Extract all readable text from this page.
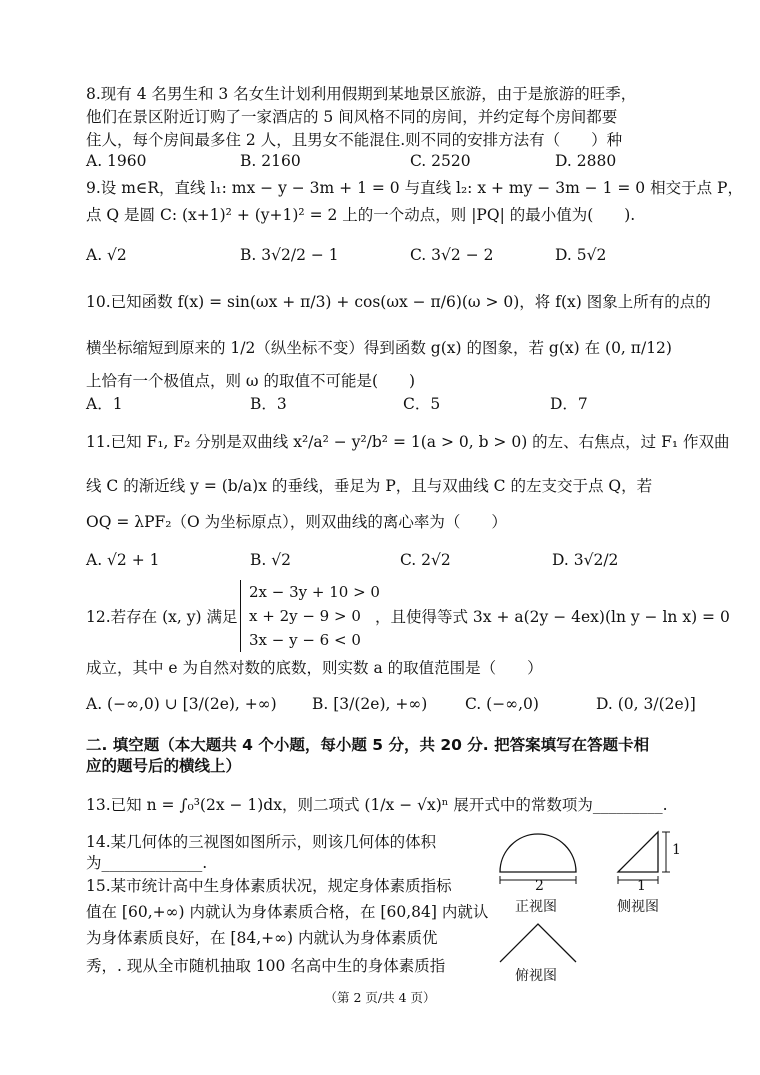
8.现有 4 名男生和 3 名女生计划利用假期到某地景区旅游，由于是旅游的旺季，
他们在景区附近订购了一家酒店的 5 间风格不同的房间，并约定每个房间都要
住人，每个房间最多住 2 人，且男女不能混住.则不同的安排方法有（　　）种
A. 1960	B. 2160	C. 2520	D. 2880
9.设 m∈R，直线 l₁: mx − y − 3m + 1 = 0 与直线 l₂: x + my − 3m − 1 = 0 相交于点 P，
点 Q 是圆 C: (x+1)² + (y+1)² = 2 上的一个动点，则 |PQ| 的最小值为(　　).
A. √2	B. 3√2/2 − 1	C. 3√2 − 2	D. 5√2
10.已知函数 f(x) = sin(ωx + π/3) + cos(ωx − π/6)(ω > 0)，将 f(x) 图象上所有的点的
横坐标缩短到原来的 1/2（纵坐标不变）得到函数 g(x) 的图象，若 g(x) 在 (0, π/12)
上恰有一个极值点，则 ω 的取值不可能是(　　)
A．1	B．3	C．5	D．7
11.已知 F₁, F₂ 分别是双曲线 x²/a² − y²/b² = 1(a > 0, b > 0) 的左、右焦点，过 F₁ 作双曲
线 C 的渐近线 y = (b/a)x 的垂线，垂足为 P，且与双曲线 C 的左支交于点 Q，若
OQ = λPF₂（O 为坐标原点），则双曲线的离心率为（　　）
A. √2 + 1	B. √2	C. 2√2	D. 3√2/2
12.若存在 (x, y) 满足
2x − 3y + 10 > 0
x + 2y − 9 > 0
3x − y − 6 < 0
，且使得等式 3x + a(2y − 4ex)(ln y − ln x) = 0
成立，其中 e 为自然对数的底数，则实数 a 的取值范围是（　　）
A. (−∞,0) ∪ [3/(2e), +∞) B. [3/(2e), +∞) C. (−∞,0)	D. (0, 3/(2e)]
二. 填空题（本大题共 4 个小题，每小题 5 分，共 20 分. 把答案填写在答题卡相
应的题号后的横线上）
13.已知 n = ∫₀³(2x − 1)dx，则二项式 (1/x − √x)ⁿ 展开式中的常数项为_________.
14.某几何体的三视图如图所示，则该几何体的体积
为_____________.
15.某市统计高中生身体素质状况，规定身体素质指标
值在 [60,+∞) 内就认为身体素质合格，在 [60,84] 内就认
为身体素质良好，在 [84,+∞) 内就认为身体素质优
秀，. 现从全市随机抽取 100 名高中生的身体素质指
2	1
1
正视图	侧视图
俯视图
（第 2 页/共 4 页）
